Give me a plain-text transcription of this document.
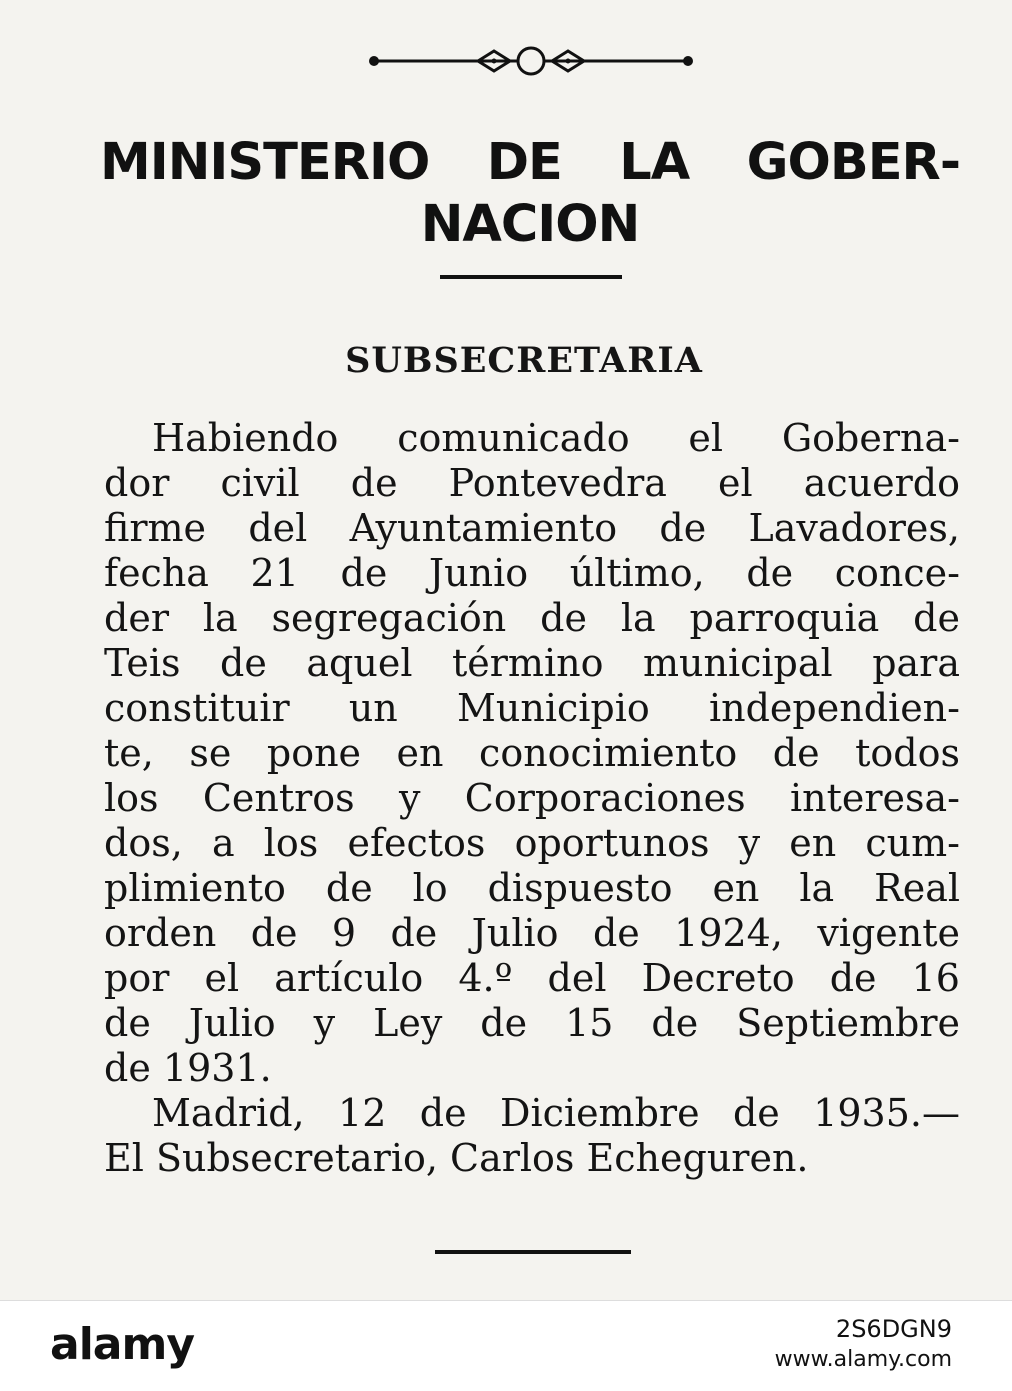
MINISTERIO DE LA GOBER-
NACION
SUBSECRETARIA
Habiendo comunicado el Goberna-
dor civil de Pontevedra el acuerdo
firme del Ayuntamiento de Lavadores,
fecha 21 de Junio último, de conce-
der la segregación de la parroquia de
Teis de aquel término municipal para
constituir un Municipio independien-
te, se pone en conocimiento de todos
los Centros y Corporaciones interesa-
dos, a los efectos oportunos y en cum-
plimiento de lo dispuesto en la Real
orden de 9 de Julio de 1924, vigente
por el artículo 4.º del Decreto de 16
de Julio y Ley de 15 de Septiembre
de 1931.
Madrid, 12 de Diciembre de 1935.—
El Subsecretario, Carlos Echeguren.
alamy	2S6DGN9
www.alamy.com
